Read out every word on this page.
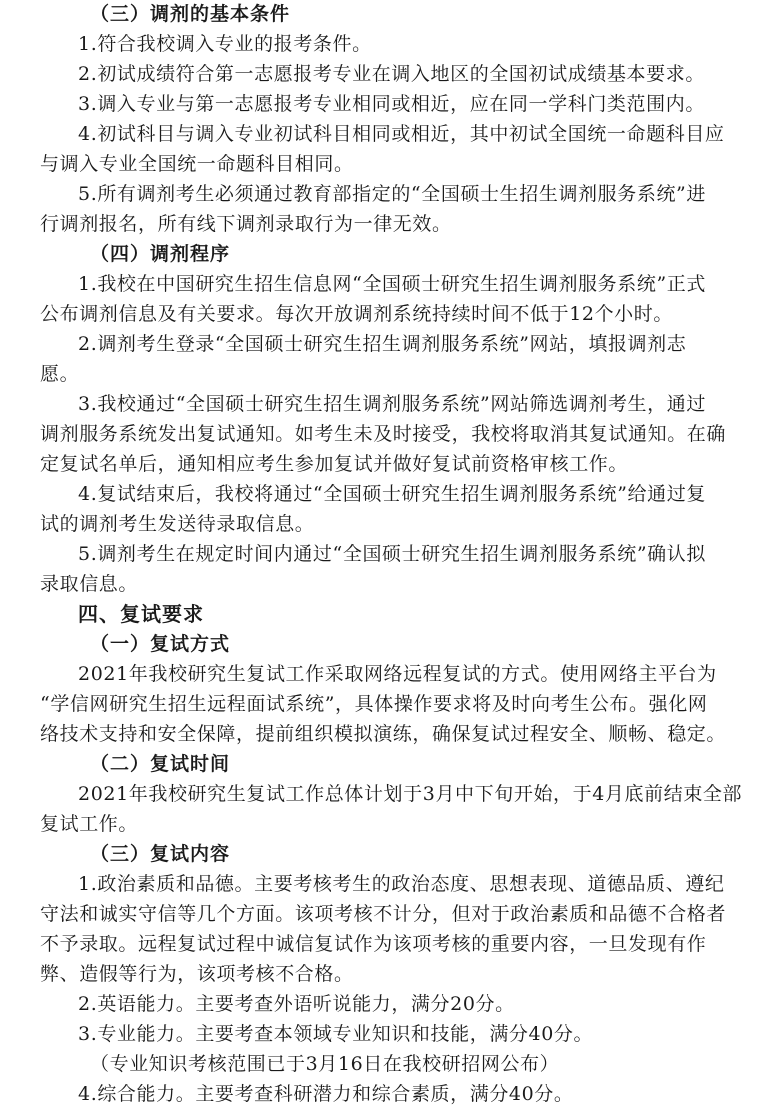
（三）调剂的基本条件
1.符合我校调入专业的报考条件。
2.初试成绩符合第一志愿报考专业在调入地区的全国初试成绩基本要求。
3.调入专业与第一志愿报考专业相同或相近，应在同一学科门类范围内。
4.初试科目与调入专业初试科目相同或相近，其中初试全国统一命题科目应
与调入专业全国统一命题科目相同。
5.所有调剂考生必须通过教育部指定的“全国硕士生招生调剂服务系统”进
行调剂报名，所有线下调剂录取行为一律无效。
（四）调剂程序
1.我校在中国研究生招生信息网“全国硕士研究生招生调剂服务系统”正式
公布调剂信息及有关要求。每次开放调剂系统持续时间不低于12个小时。
2.调剂考生登录“全国硕士研究生招生调剂服务系统”网站，填报调剂志
愿。
3.我校通过“全国硕士研究生招生调剂服务系统”网站筛选调剂考生，通过
调剂服务系统发出复试通知。如考生未及时接受，我校将取消其复试通知。在确
定复试名单后，通知相应考生参加复试并做好复试前资格审核工作。
4.复试结束后，我校将通过“全国硕士研究生招生调剂服务系统”给通过复
试的调剂考生发送待录取信息。
5.调剂考生在规定时间内通过“全国硕士研究生招生调剂服务系统”确认拟
录取信息。
四、复试要求
（一）复试方式
2021年我校研究生复试工作采取网络远程复试的方式。使用网络主平台为
“学信网研究生招生远程面试系统”，具体操作要求将及时向考生公布。强化网
络技术支持和安全保障，提前组织模拟演练，确保复试过程安全、顺畅、稳定。
（二）复试时间
2021年我校研究生复试工作总体计划于3月中下旬开始，于4月底前结束全部
复试工作。
（三）复试内容
1.政治素质和品德。主要考核考生的政治态度、思想表现、道德品质、遵纪
守法和诚实守信等几个方面。该项考核不计分，但对于政治素质和品德不合格者
不予录取。远程复试过程中诚信复试作为该项考核的重要内容，一旦发现有作
弊、造假等行为，该项考核不合格。
2.英语能力。主要考查外语听说能力，满分20分。
3.专业能力。主要考查本领域专业知识和技能，满分40分。
（专业知识考核范围已于3月16日在我校研招网公布）
4.综合能力。主要考查科研潜力和综合素质，满分40分。
